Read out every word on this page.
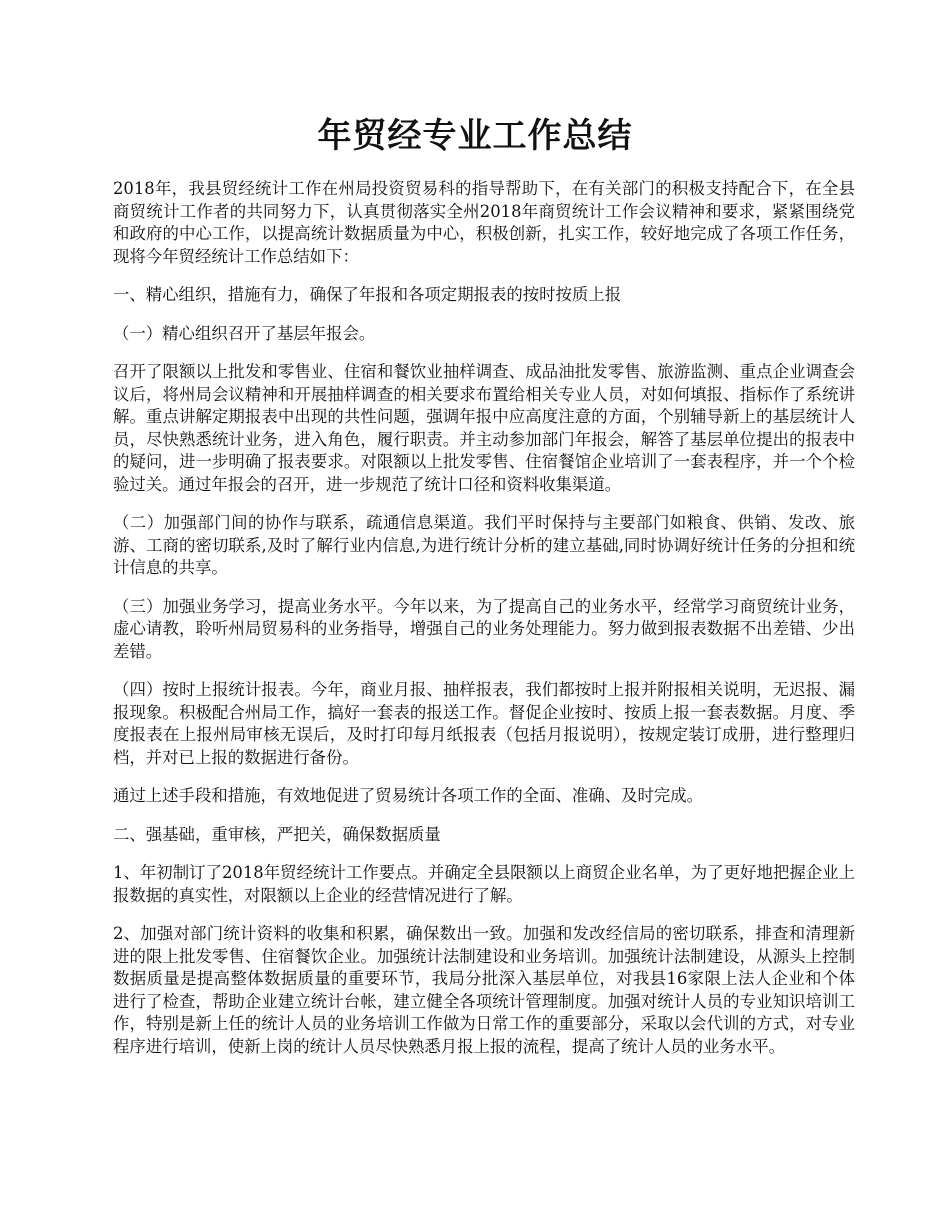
年贸经专业工作总结

2018年，我县贸经统计工作在州局投资贸易科的指导帮助下，在有关部门的积极支持配合下，在全县商贸统计工作者的共同努力下，认真贯彻落实全州2018年商贸统计工作会议精神和要求，紧紧围绕党和政府的中心工作，以提高统计数据质量为中心，积极创新，扎实工作，较好地完成了各项工作任务，现将今年贸经统计工作总结如下：

一、精心组织，措施有力，确保了年报和各项定期报表的按时按质上报

（一）精心组织召开了基层年报会。

召开了限额以上批发和零售业、住宿和餐饮业抽样调查、成品油批发零售、旅游监测、重点企业调查会议后，将州局会议精神和开展抽样调查的相关要求布置给相关专业人员，对如何填报、指标作了系统讲解。重点讲解定期报表中出现的共性问题，强调年报中应高度注意的方面，个别辅导新上的基层统计人员，尽快熟悉统计业务，进入角色，履行职责。并主动参加部门年报会，解答了基层单位提出的报表中的疑问，进一步明确了报表要求。对限额以上批发零售、住宿餐馆企业培训了一套表程序，并一个个检验过关。通过年报会的召开，进一步规范了统计口径和资料收集渠道。

（二）加强部门间的协作与联系，疏通信息渠道。我们平时保持与主要部门如粮食、供销、发改、旅游、工商的密切联系,及时了解行业内信息,为进行统计分析的建立基础,同时协调好统计任务的分担和统计信息的共享。

（三）加强业务学习，提高业务水平。今年以来，为了提高自己的业务水平，经常学习商贸统计业务，虚心请教，聆听州局贸易科的业务指导，增强自己的业务处理能力。努力做到报表数据不出差错、少出差错。

（四）按时上报统计报表。今年，商业月报、抽样报表，我们都按时上报并附报相关说明，无迟报、漏报现象。积极配合州局工作，搞好一套表的报送工作。督促企业按时、按质上报一套表数据。月度、季度报表在上报州局审核无误后，及时打印每月纸报表（包括月报说明），按规定装订成册，进行整理归档，并对已上报的数据进行备份。

通过上述手段和措施，有效地促进了贸易统计各项工作的全面、准确、及时完成。

二、强基础，重审核，严把关，确保数据质量

1、年初制订了2018年贸经统计工作要点。并确定全县限额以上商贸企业名单，为了更好地把握企业上报数据的真实性，对限额以上企业的经营情况进行了解。

2、加强对部门统计资料的收集和积累，确保数出一致。加强和发改经信局的密切联系，排查和清理新进的限上批发零售、住宿餐饮企业。加强统计法制建设和业务培训。加强统计法制建设，从源头上控制数据质量是提高整体数据质量的重要环节，我局分批深入基层单位，对我县16家限上法人企业和个体进行了检查，帮助企业建立统计台帐，建立健全各项统计管理制度。加强对统计人员的专业知识培训工作，特别是新上任的统计人员的业务培训工作做为日常工作的重要部分，采取以会代训的方式，对专业程序进行培训，使新上岗的统计人员尽快熟悉月报上报的流程，提高了统计人员的业务水平。
